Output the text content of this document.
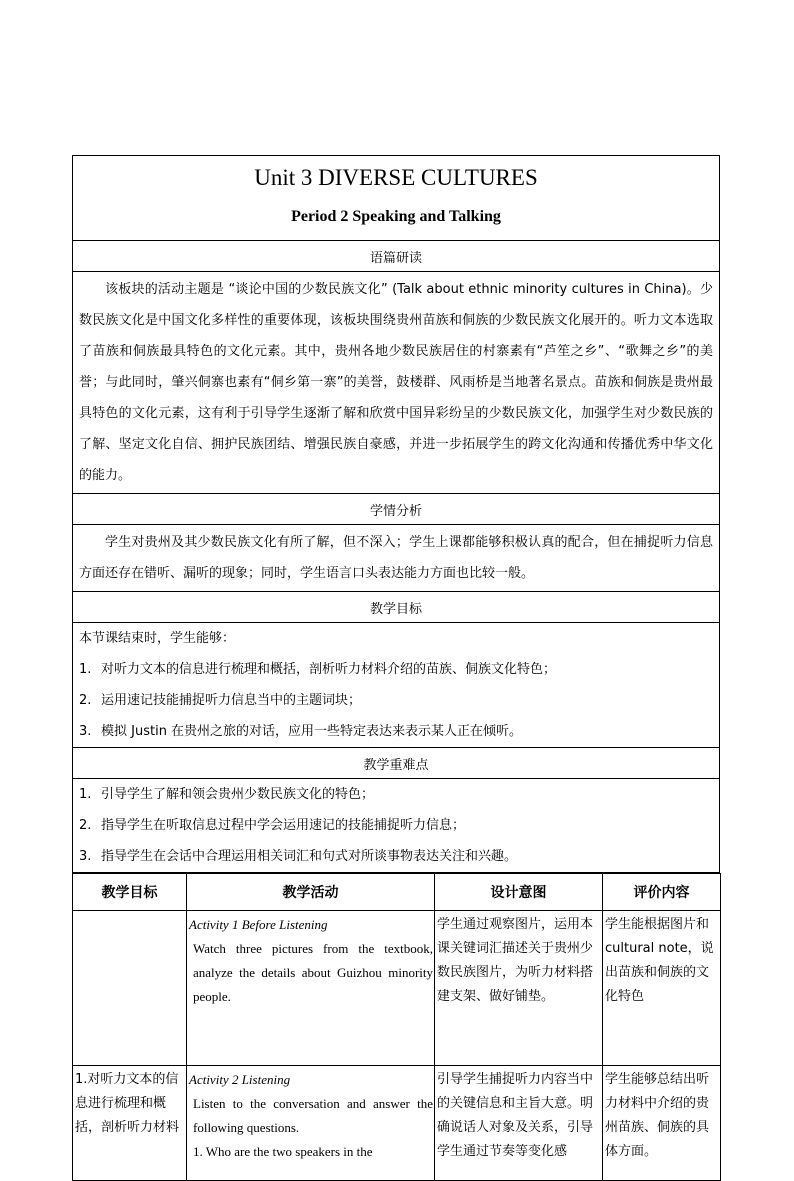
Unit 3 DIVERSE CULTURES
Period 2 Speaking and Talking

语篇研读
该板块的活动主题是 “谈论中国的少数民族文化” (Talk about ethnic minority cultures in China)。少数民族文化是中国文化多样性的重要体现，该板块围绕贵州苗族和侗族的少数民族文化展开的。听力文本选取了苗族和侗族最具特色的文化元素。其中，贵州各地少数民族居住的村寨素有“芦笙之乡”、“歌舞之乡”的美誉；与此同时，肇兴侗寨也素有“侗乡第一寨”的美誉，鼓楼群、风雨桥是当地著名景点。苗族和侗族是贵州最具特色的文化元素，这有利于引导学生逐渐了解和欣赏中国异彩纷呈的少数民族文化，加强学生对少数民族的了解、坚定文化自信、拥护民族团结、增强民族自豪感，并进一步拓展学生的跨文化沟通和传播优秀中华文化的能力。
学情分析
学生对贵州及其少数民族文化有所了解，但不深入；学生上课都能够积极认真的配合，但在捕捉听力信息方面还存在错听、漏听的现象；同时，学生语言口头表达能力方面也比较一般。
教学目标

本节课结束时，学生能够：
1. 对听力文本的信息进行梳理和概括，剖析听力材料介绍的苗族、侗族文化特色；
2. 运用速记技能捕捉听力信息当中的主题词块；
3. 模拟 Justin 在贵州之旅的对话，应用一些特定表达来表示某人正在倾听。

教学重难点

1. 引导学生了解和领会贵州少数民族文化的特色；
2. 指导学生在听取信息过程中学会运用速记的技能捕捉听力信息；
3. 指导学生在会话中合理运用相关词汇和句式对所谈事物表达关注和兴趣。
教学目标	教学活动	设计意图	评价内容

	Activity 1 Before Listening
Watch three pictures from the textbook, analyze the details about Guizhou minority people.	学生通过观察图片，运用本课关键词汇描述关于贵州少数民族图片，为听力材料搭建支架、做好铺垫。	学生能根据图片和cultural note，说出苗族和侗族的文化特色
1.对听力文本的信息进行梳理和概括，剖析听力材料	Activity 2 Listening
Listen to the conversation and answer the following questions.
1. Who are the two speakers in the	引导学生捕捉听力内容当中的关键信息和主旨大意。明确说话人对象及关系，引导学生通过节奏等变化感	学生能够总结出听力材料中介绍的贵州苗族、侗族的具体方面。
